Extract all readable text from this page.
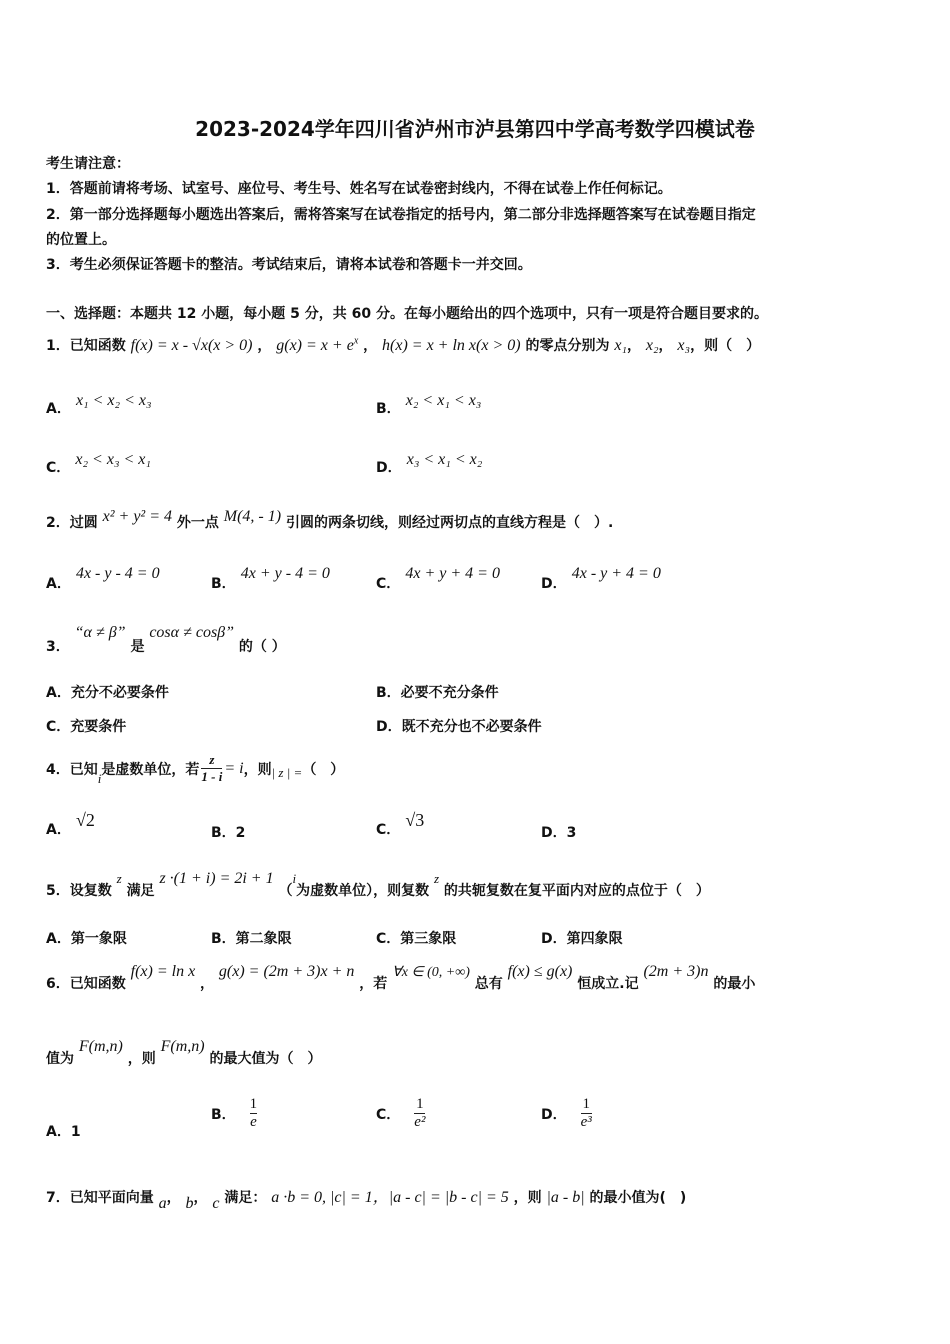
2023-2024学年四川省泸州市泸县第四中学高考数学四模试卷
考生请注意：
1．答题前请将考场、试室号、座位号、考生号、姓名写在试卷密封线内，不得在试卷上作任何标记。
2．第一部分选择题每小题选出答案后，需将答案写在试卷指定的括号内，第二部分非选择题答案写在试卷题目指定
的位置上。
3．考生必须保证答题卡的整洁。考试结束后，请将本试卷和答题卡一并交回。
一、选择题：本题共 12 小题，每小题 5 分，共 60 分。在每小题给出的四个选项中，只有一项是符合题目要求的。
1．已知函数 f(x) = x - √x(x > 0) ， $g(x) = x + e^x$ ， h(x) = x + ln x(x > 0) 的零点分别为 x₁， x₂， x₃，则（　）
A． x₁ < x₂ < x₃	B． x₂ < x₁ < x₃
C． x₂ < x₃ < x₁	D． x₃ < x₁ < x₂
2．过圆 x² + y² = 4 外一点 M(4, - 1) 引圆的两条切线，则经过两切点的直线方程是（　）.
A． 4x - y - 4 = 0
B． 4x + y - 4 = 0
C． 4x + y + 4 = 0
D． 4x - y + 4 = 0
3． “α ≠ β” 是 cosα ≠ cosβ” 的（ ）
A．充分不必要条件	B．必要不充分条件
C．充要条件	D．既不充分也不必要条件
4．已知
i
是虚数单位，若 $\frac{z}{1 - i} = i$ ，则 | z | = （　）
A． √2
B．2	C． √3
D．3
5．设复数 z 满足 z ·(1 + i) = 2i + 1 （i为虚数单位），则复数 z 的共轭复数在复平面内对应的点位于（　）
A．第一象限	B．第二象限	C．第三象限	D．第四象限
6．已知函数 f(x) = ln x ， g(x) = (2m + 3)x + n ，若 ∀x ∈ (0, +∞) 总有 f(x) ≤ g(x) 恒成立.记 (2m + 3)n 的最小
值为 F(m,n) ，则 F(m,n) 的最大值为（　）
A．1
B． $\frac{1}{e}$	C． $\frac{1}{\text{e²}}$	D． $\frac{1}{\text{e³}}$
7．已知平面向量 a， b， c 满足： a ·b = 0, |c| = 1，|a - c| = |b - c| = 5 ，则 |a - b| 的最小值为(　)
